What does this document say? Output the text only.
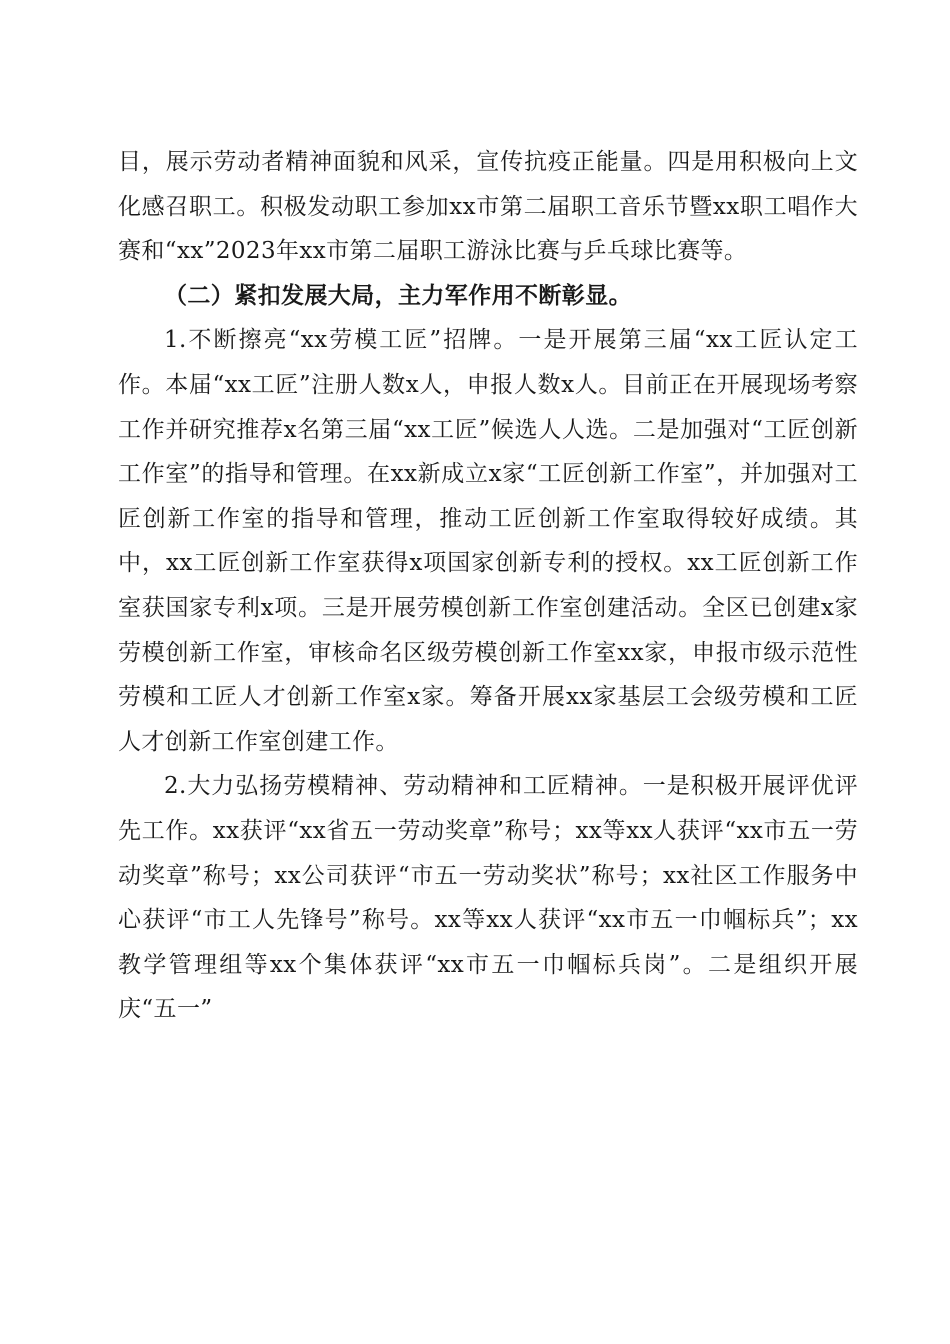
目，展示劳动者精神面貌和风采，宣传抗疫正能量。四是用积极向上文化感召职工。积极发动职工参加xx市第二届职工音乐节暨xx职工唱作大赛和“xx”2023年xx市第二届职工游泳比赛与乒乓球比赛等。

（二）紧扣发展大局，主力军作用不断彰显。

1.不断擦亮“xx劳模工匠”招牌。一是开展第三届“xx工匠认定工作。本届“xx工匠”注册人数x人，申报人数x人。目前正在开展现场考察工作并研究推荐x名第三届“xx工匠”候选人人选。二是加强对“工匠创新工作室”的指导和管理。在xx新成立x家“工匠创新工作室”，并加强对工匠创新工作室的指导和管理，推动工匠创新工作室取得较好成绩。其中，xx工匠创新工作室获得x项国家创新专利的授权。xx工匠创新工作室获国家专利x项。三是开展劳模创新工作室创建活动。全区已创建x家劳模创新工作室，审核命名区级劳模创新工作室xx家，申报市级示范性劳模和工匠人才创新工作室x家。筹备开展xx家基层工会级劳模和工匠人才创新工作室创建工作。

2.大力弘扬劳模精神、劳动精神和工匠精神。一是积极开展评优评先工作。xx获评“xx省五一劳动奖章”称号；xx等xx人获评“xx市五一劳动奖章”称号；xx公司获评“市五一劳动奖状”称号；xx社区工作服务中心获评“市工人先锋号”称号。xx等xx人获评“xx市五一巾帼标兵”；xx教学管理组等xx个集体获评“xx市五一巾帼标兵岗”。二是组织开展庆“五一”
